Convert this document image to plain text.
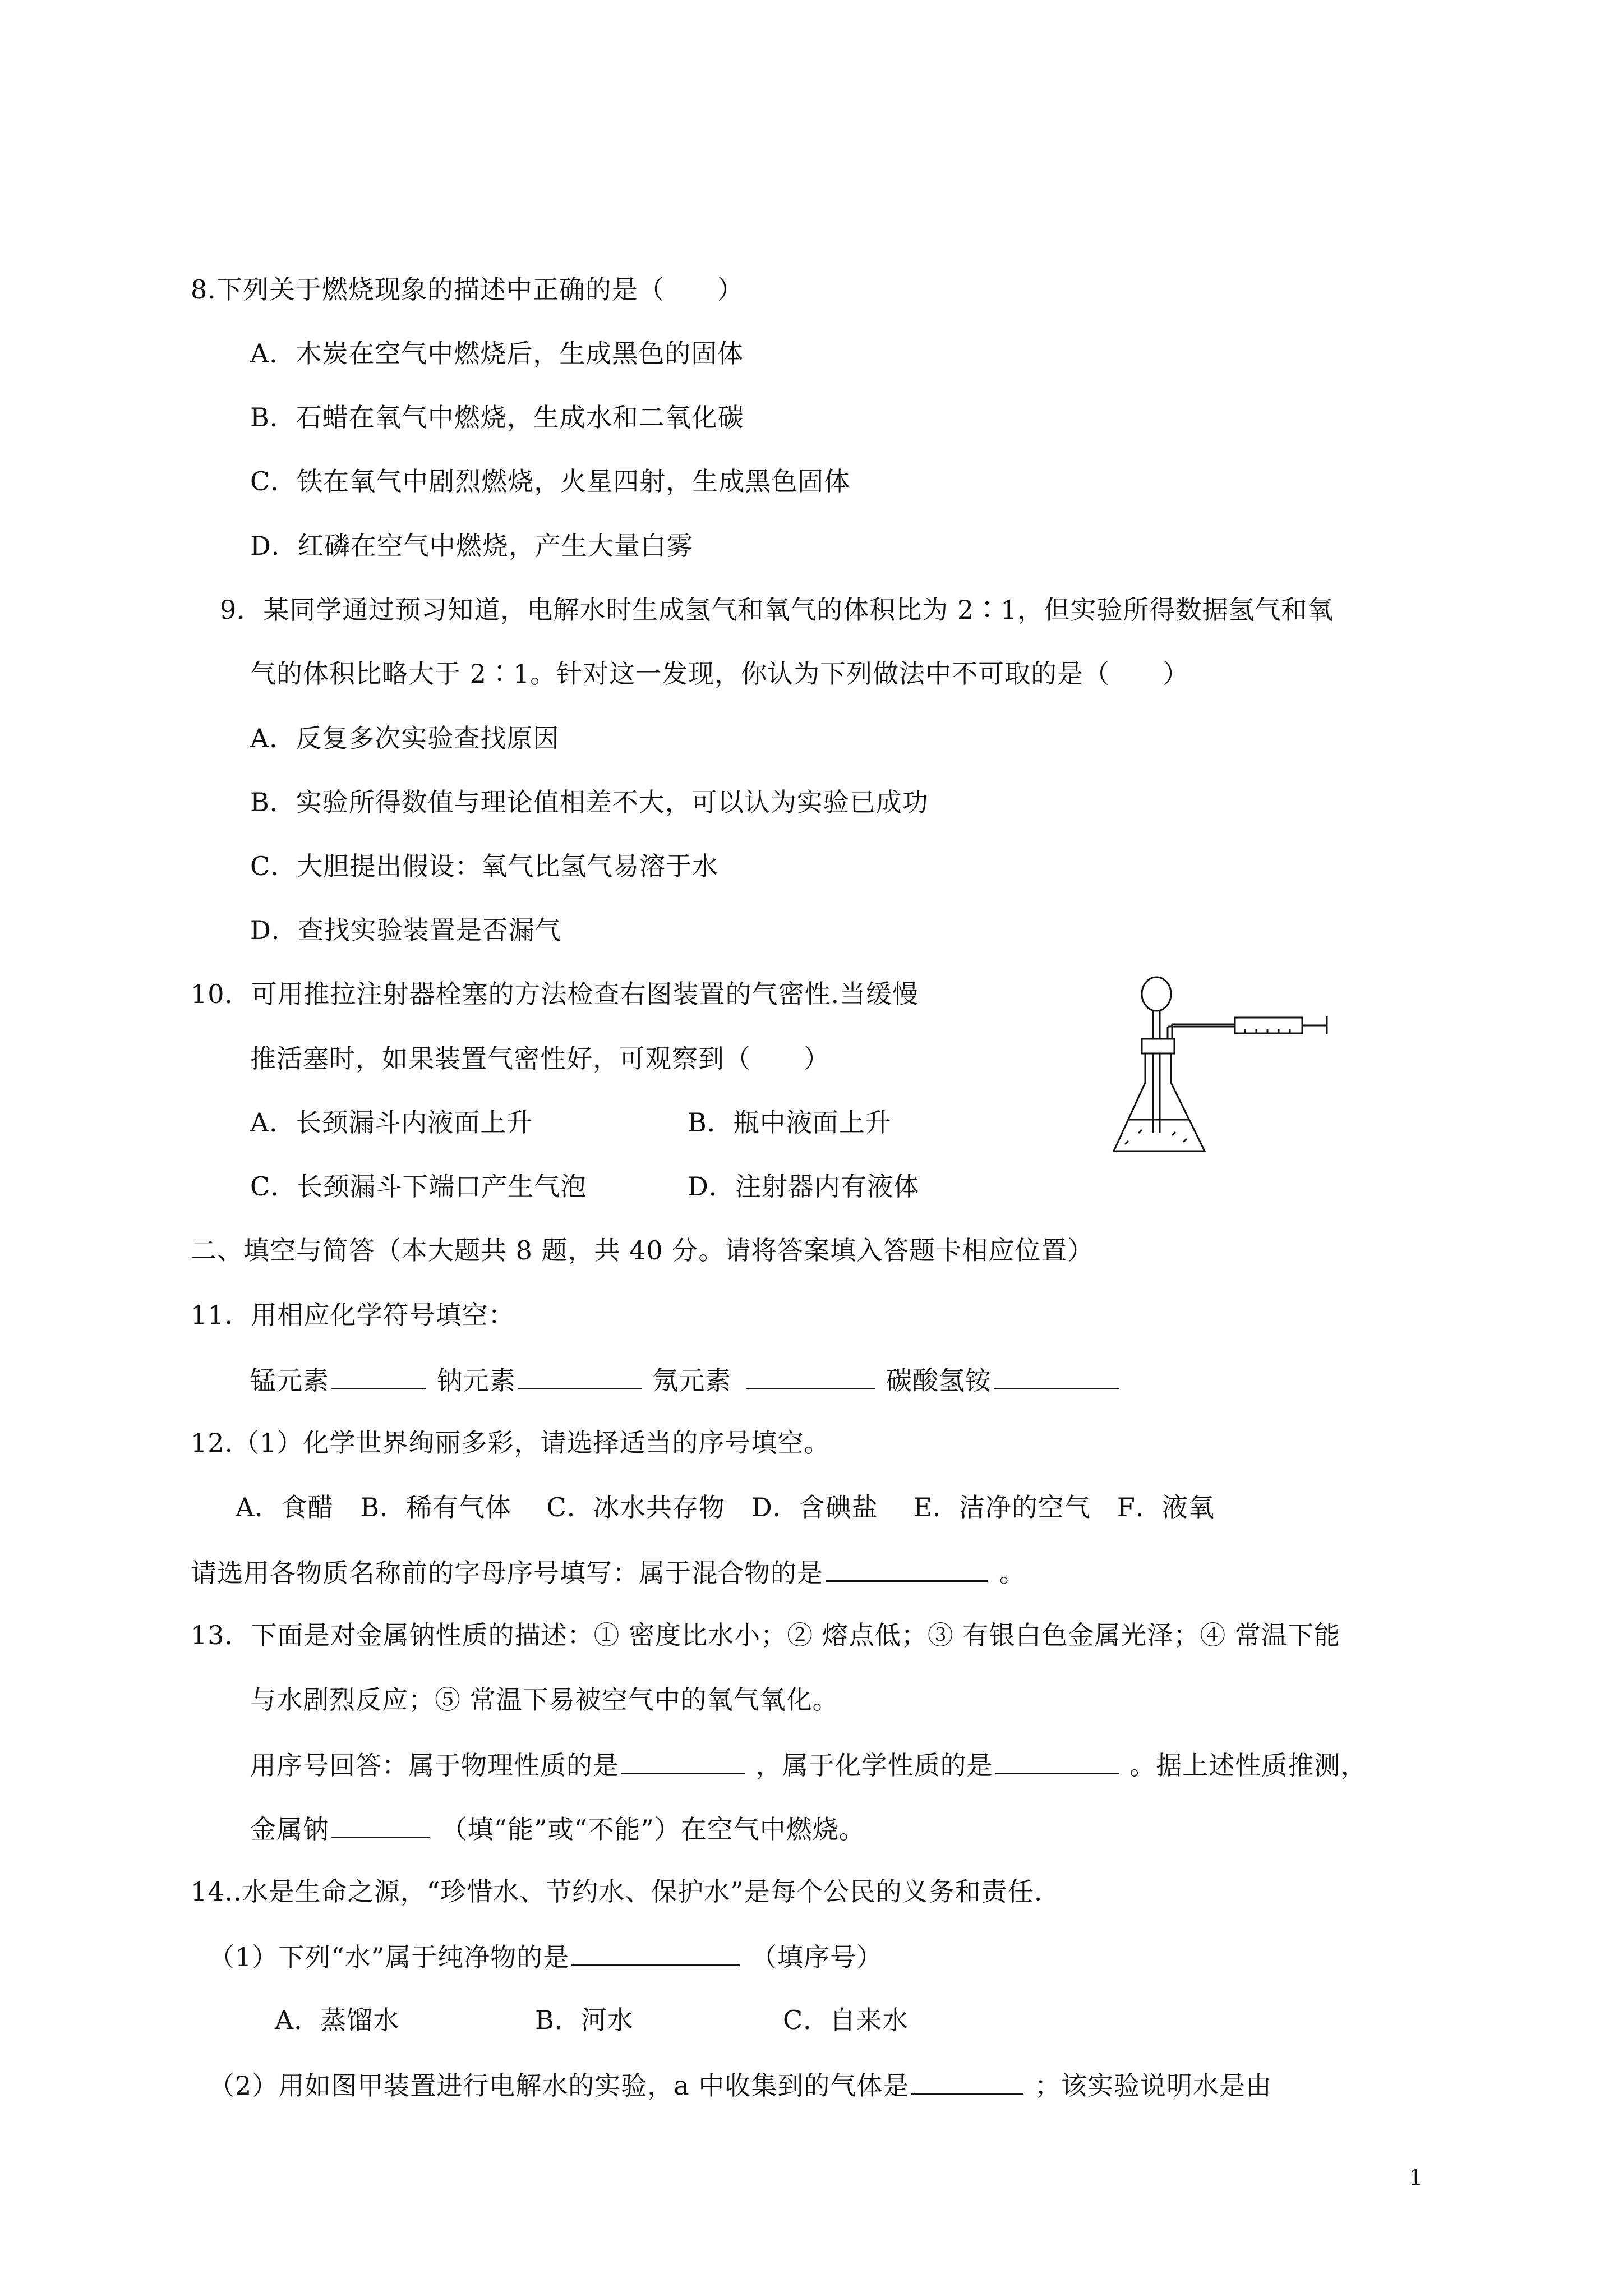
8.下列关于燃烧现象的描述中正确的是（　　）
A．木炭在空气中燃烧后，生成黑色的固体
B．石蜡在氧气中燃烧，生成水和二氧化碳
C．铁在氧气中剧烈燃烧，火星四射，生成黑色固体
D．红磷在空气中燃烧，产生大量白雾
9．某同学通过预习知道，电解水时生成氢气和氧气的体积比为 2∶1，但实验所得数据氢气和氧
气的体积比略大于 2∶1。针对这一发现，你认为下列做法中不可取的是（　　）
A．反复多次实验查找原因
B．实验所得数值与理论值相差不大，可以认为实验已成功
C．大胆提出假设：氧气比氢气易溶于水
D．查找实验装置是否漏气
10．可用推拉注射器栓塞的方法检查右图装置的气密性.当缓慢
推活塞时，如果装置气密性好，可观察到（　　）
A．长颈漏斗内液面上升	B．瓶中液面上升
C．长颈漏斗下端口产生气泡	D．注射器内有液体
二、填空与简答（本大题共 8 题，共 40 分。请将答案填入答题卡相应位置）
11．用相应化学符号填空：
锰元素	钠元素	氖元素	碳酸氢铵
12.（1）化学世界绚丽多彩，请选择适当的序号填空。
A．食醋　B．稀有气体　 C．冰水共存物　D．含碘盐　 E．洁净的空气　F．液氧
请选用各物质名称前的字母序号填写：属于混合物的是	。
13．下面是对金属钠性质的描述：① 密度比水小；② 熔点低；③ 有银白色金属光泽；④ 常温下能
与水剧烈反应；⑤ 常温下易被空气中的氧气氧化。
用序号回答：属于物理性质的是	，属于化学性质的是	。据上述性质推测，
金属钠	（填“能”或“不能”）在空气中燃烧。
14..水是生命之源，“珍惜水、节约水、保护水”是每个公民的义务和责任.
（1）下列“水”属于纯净物的是	（填序号）
A．蒸馏水	B．河水	C．自来水
（2）用如图甲装置进行电解水的实验，a 中收集到的气体是	；该实验说明水是由
1
